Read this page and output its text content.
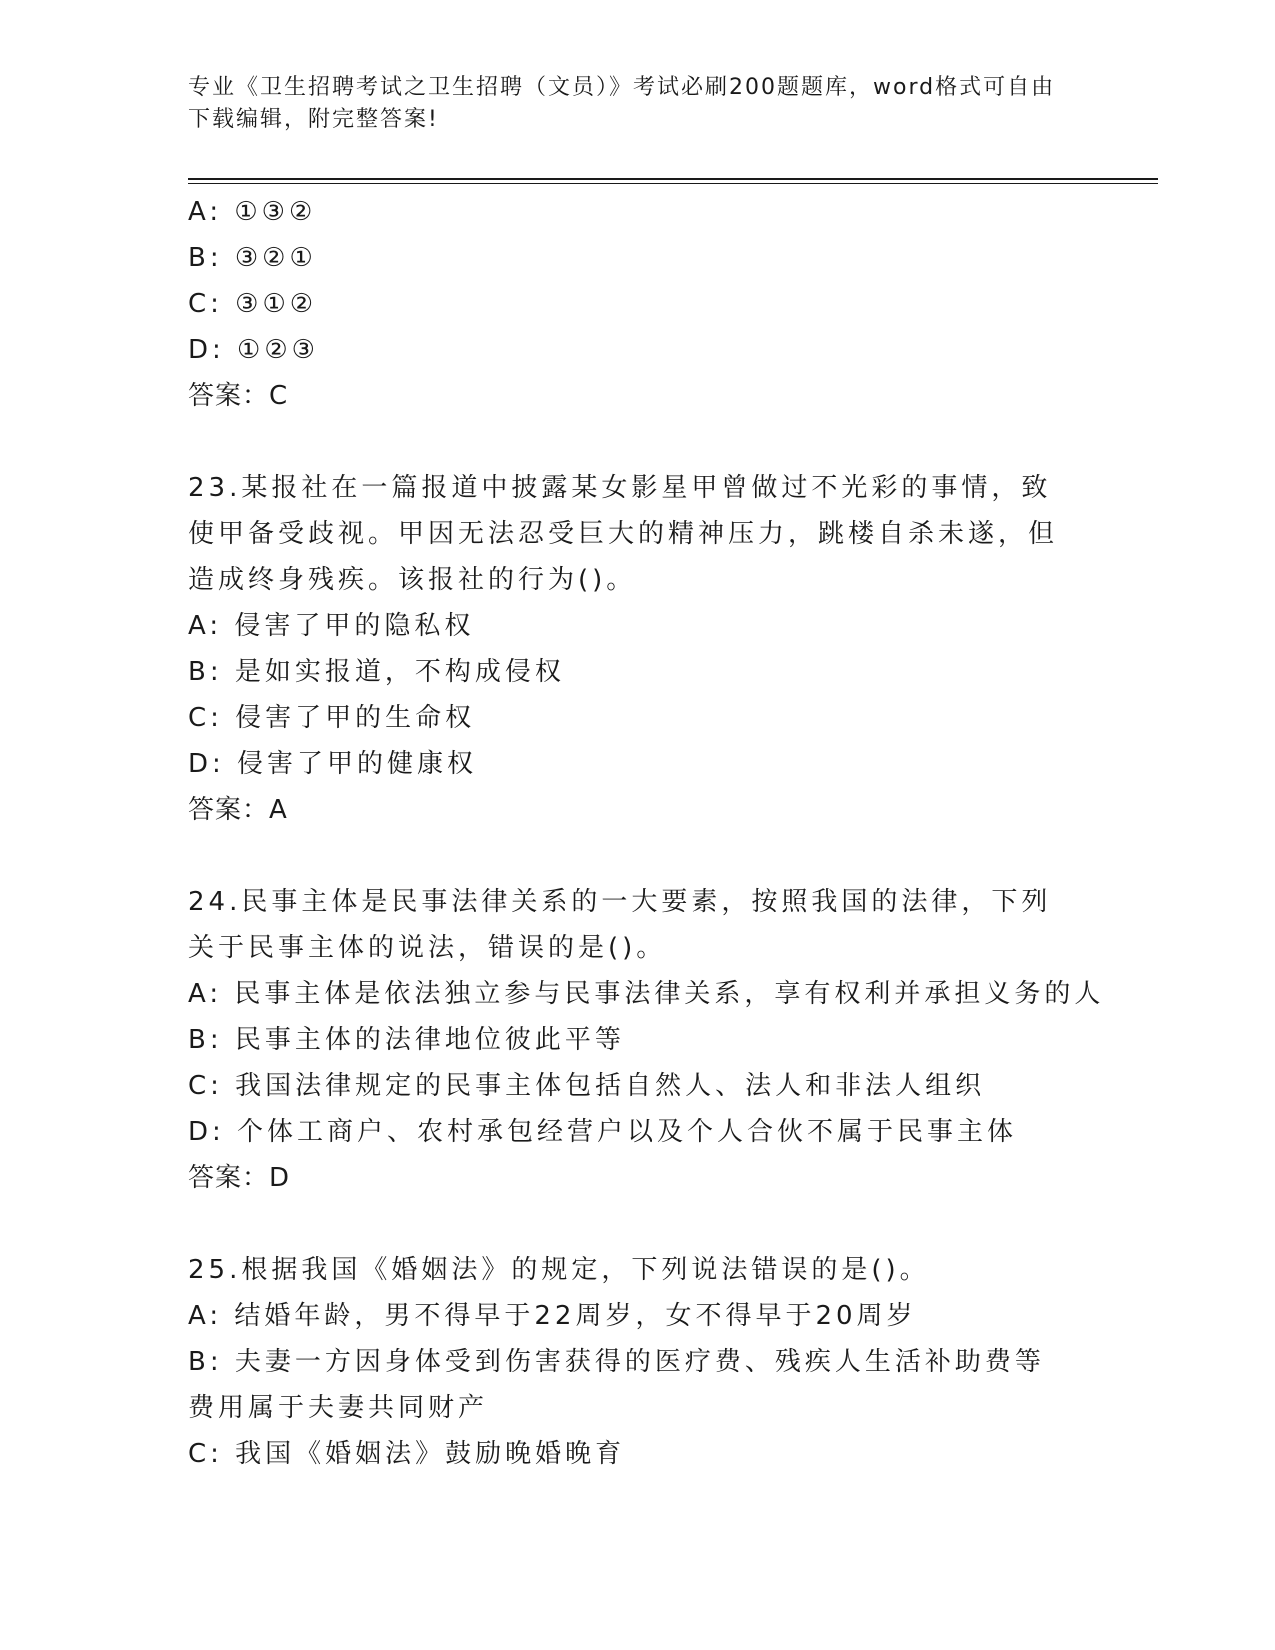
专业《卫生招聘考试之卫生招聘（文员）》考试必刷200题题库，word格式可自由下载编辑，附完整答案!
A: ①③②
B: ③②①
C: ③①②
D: ①②③
答案：C
23.某报社在一篇报道中披露某女影星甲曾做过不光彩的事情，致使甲备受歧视。甲因无法忍受巨大的精神压力，跳楼自杀未遂，但造成终身残疾。该报社的行为()。
A: 侵害了甲的隐私权
B: 是如实报道，不构成侵权
C: 侵害了甲的生命权
D: 侵害了甲的健康权
答案：A
24.民事主体是民事法律关系的一大要素，按照我国的法律，下列关于民事主体的说法，错误的是()。
A: 民事主体是依法独立参与民事法律关系，享有权利并承担义务的人
B: 民事主体的法律地位彼此平等
C: 我国法律规定的民事主体包括自然人、法人和非法人组织
D: 个体工商户、农村承包经营户以及个人合伙不属于民事主体
答案：D
25.根据我国《婚姻法》的规定，下列说法错误的是()。
A: 结婚年龄，男不得早于22周岁，女不得早于20周岁
B: 夫妻一方因身体受到伤害获得的医疗费、残疾人生活补助费等费用属于夫妻共同财产
C: 我国《婚姻法》鼓励晚婚晚育
